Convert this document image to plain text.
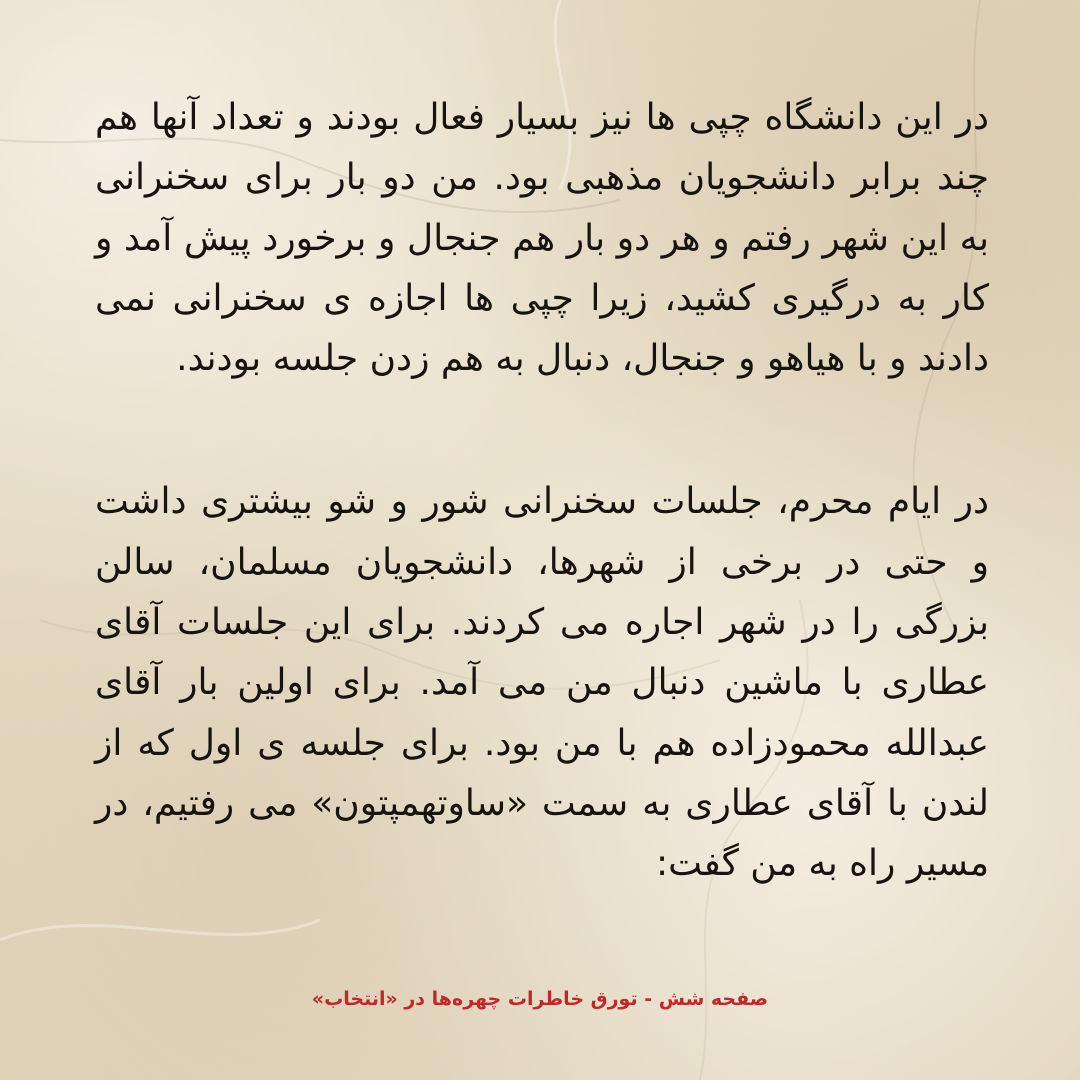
در این دانشگاه چپی ها نیز بسیار فعال بودند و تعداد آنها هم چند برابر دانشجویان مذهبی بود. من دو بار برای سخنرانی به این شهر رفتم و هر دو بار هم جنجال و برخورد پیش آمد و کار به درگیری کشید، زیرا چپی ها اجازه ی سخنرانی نمی دادند و با هیاهو و جنجال، دنبال به هم زدن جلسه بودند.

در ایام محرم، جلسات سخنرانی شور و شو بیشتری داشت و حتی در برخی از شهرها، دانشجویان مسلمان، سالن بزرگی را در شهر اجاره می کردند. برای این جلسات آقای عطاری با ماشین دنبال من می آمد. برای اولین بار آقای عبدالله محمودزاده هم با من بود. برای جلسه ی اول که از لندن با آقای عطاری به سمت «ساوتهمپتون» می رفتیم، در مسیر راه به من گفت:

صفحه شش - تورق خاطرات چهره‌ها در «انتخاب»
